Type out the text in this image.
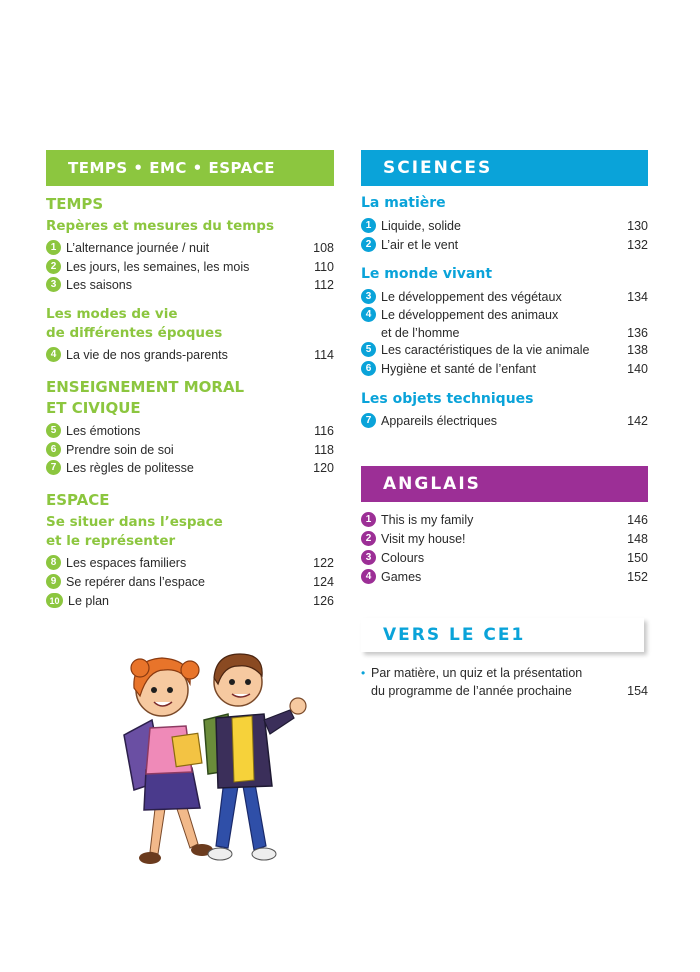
TEMPS • EMC • ESPACE
TEMPS
Repères et mesures du temps
1 L’alternance journée / nuit	108
2 Les jours, les semaines, les mois	110
3 Les saisons	112
Les modes de vie
de différentes époques
4 La vie de nos grands-parents	114
ENSEIGNEMENT MORAL
ET CIVIQUE
5 Les émotions	116
6 Prendre soin de soi	118
7 Les règles de politesse	120
ESPACE
Se situer dans l’espace
et le représenter
8 Les espaces familiers	122
9 Se repérer dans l’espace	124
10 Le plan	126
SCIENCES
La matière
1 Liquide, solide	130
2 L’air et le vent	132
Le monde vivant
3 Le développement des végétaux	134
4 Le développement des animaux
et de l’homme	136
5 Les caractéristiques de la vie animale	138
6 Hygiène et santé de l’enfant	140
Les objets techniques
7 Appareils électriques	142
ANGLAIS
1 This is my family	146
2 Visit my house!	148
3 Colours	150
4 Games	152
VERS LE CE1
• Par matière, un quiz et la présentation
du programme de l’année prochaine	154
